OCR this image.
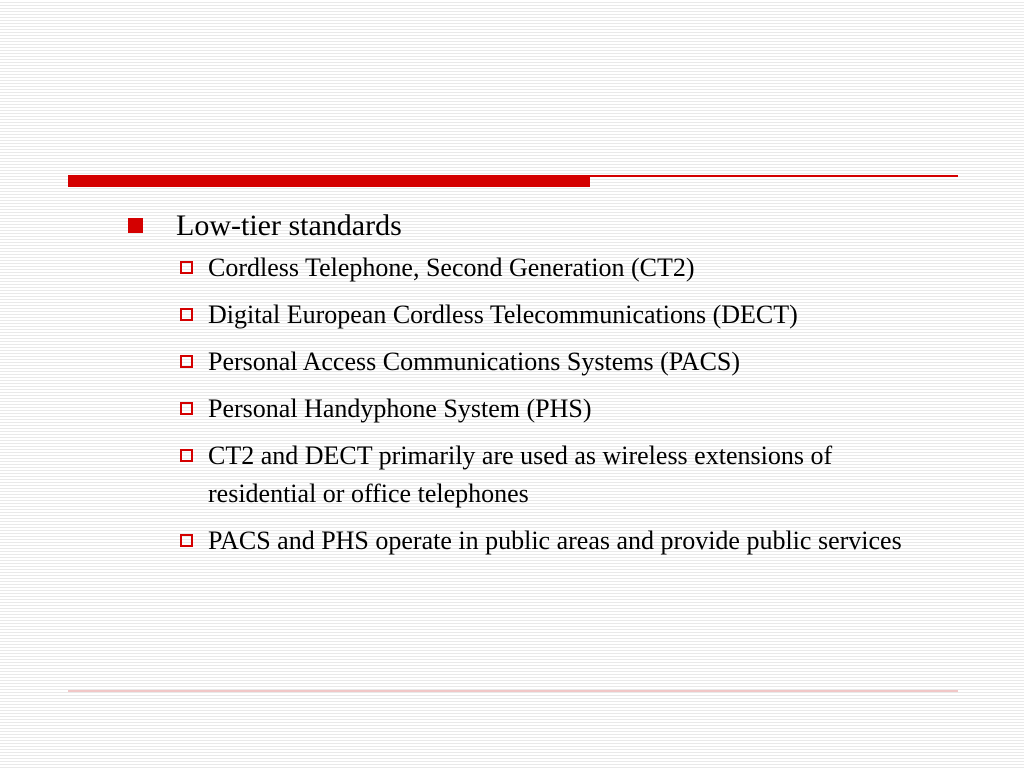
Low-tier standards
Cordless Telephone, Second Generation (CT2)
Digital European Cordless Telecommunications (DECT)
Personal Access Communications Systems (PACS)
Personal Handyphone System (PHS)
CT2 and DECT primarily are used as wireless extensions of residential or office telephones
PACS and PHS operate in public areas and provide public services
